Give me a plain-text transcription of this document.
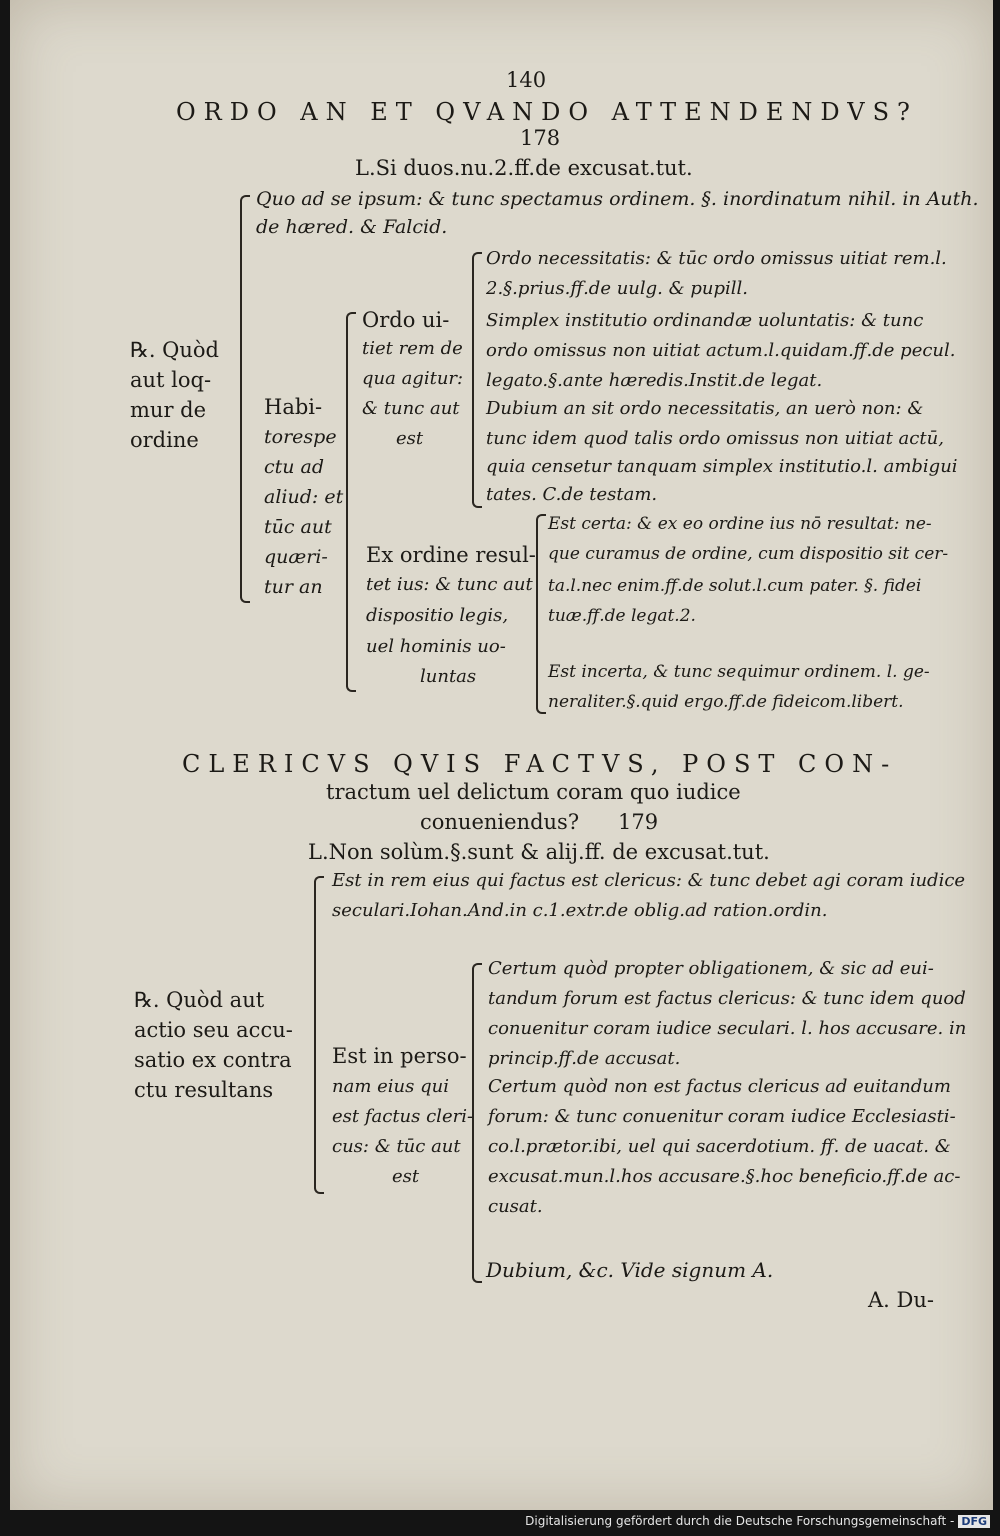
140
ORDO AN ET QVANDO ATTENDENDVS?
178
L.Si duos.nu.2.ff.de excusat.tut.
Quo ad se ipsum: & tunc spectamus ordinem. §. inordinatum nihil. in Auth.
de hæred. & Falcid.
℞. Quòd
aut loq-
mur de
ordine
Habi-
torespe
ctu ad
aliud: et
tūc aut
quæri-
tur an
Ordo ui-
tiet rem de
qua agitur:
& tunc aut
est
Ex ordine resul-
tet ius: & tunc aut
dispositio legis,
uel hominis uo-
luntas
Ordo necessitatis: & tūc ordo omissus uitiat rem.l.
2.§.prius.ff.de uulg. & pupill.
Simplex institutio ordinandæ uoluntatis: & tunc
ordo omissus non uitiat actum.l.quidam.ff.de pecul.
legato.§.ante hæredis.Instit.de legat.
Dubium an sit ordo necessitatis, an uerò non: &
tunc idem quod talis ordo omissus non uitiat actū,
quia censetur tanquam simplex institutio.l. ambigui
tates. C.de testam.
Est certa: & ex eo ordine ius nō resultat: ne-
que curamus de ordine, cum dispositio sit cer-
ta.l.nec enim.ff.de solut.l.cum pater. §. fidei
tuæ.ff.de legat.2.
Est incerta, & tunc sequimur ordinem. l. ge-
neraliter.§.quid ergo.ff.de fideicom.libert.
CLERICVS QVIS FACTVS, POST CON-
tractum uel delictum coram quo iudice
conueniendus? 179
L.Non solùm.§.sunt & alij.ff. de excusat.tut.
Est in rem eius qui factus est clericus: & tunc debet agi coram iudice
seculari.Iohan.And.in c.1.extr.de oblig.ad ration.ordin.
℞. Quòd aut
actio seu accu-
satio ex contra
ctu resultans
Est in perso-
nam eius qui
est factus cleri-
cus: & tūc aut
est
Certum quòd propter obligationem, & sic ad eui-
tandum forum est factus clericus: & tunc idem quod
conuenitur coram iudice seculari. l. hos accusare. in
princip.ff.de accusat.
Certum quòd non est factus clericus ad euitandum
forum: & tunc conuenitur coram iudice Ecclesiasti-
co.l.prætor.ibi, uel qui sacerdotium. ff. de uacat. &
excusat.mun.l.hos accusare.§.hoc beneficio.ff.de ac-
cusat.
Dubium, &c. Vide signum A.
A. Du-
Digitalisierung gefördert durch die Deutsche Forschungsgemeinschaft - DFG
